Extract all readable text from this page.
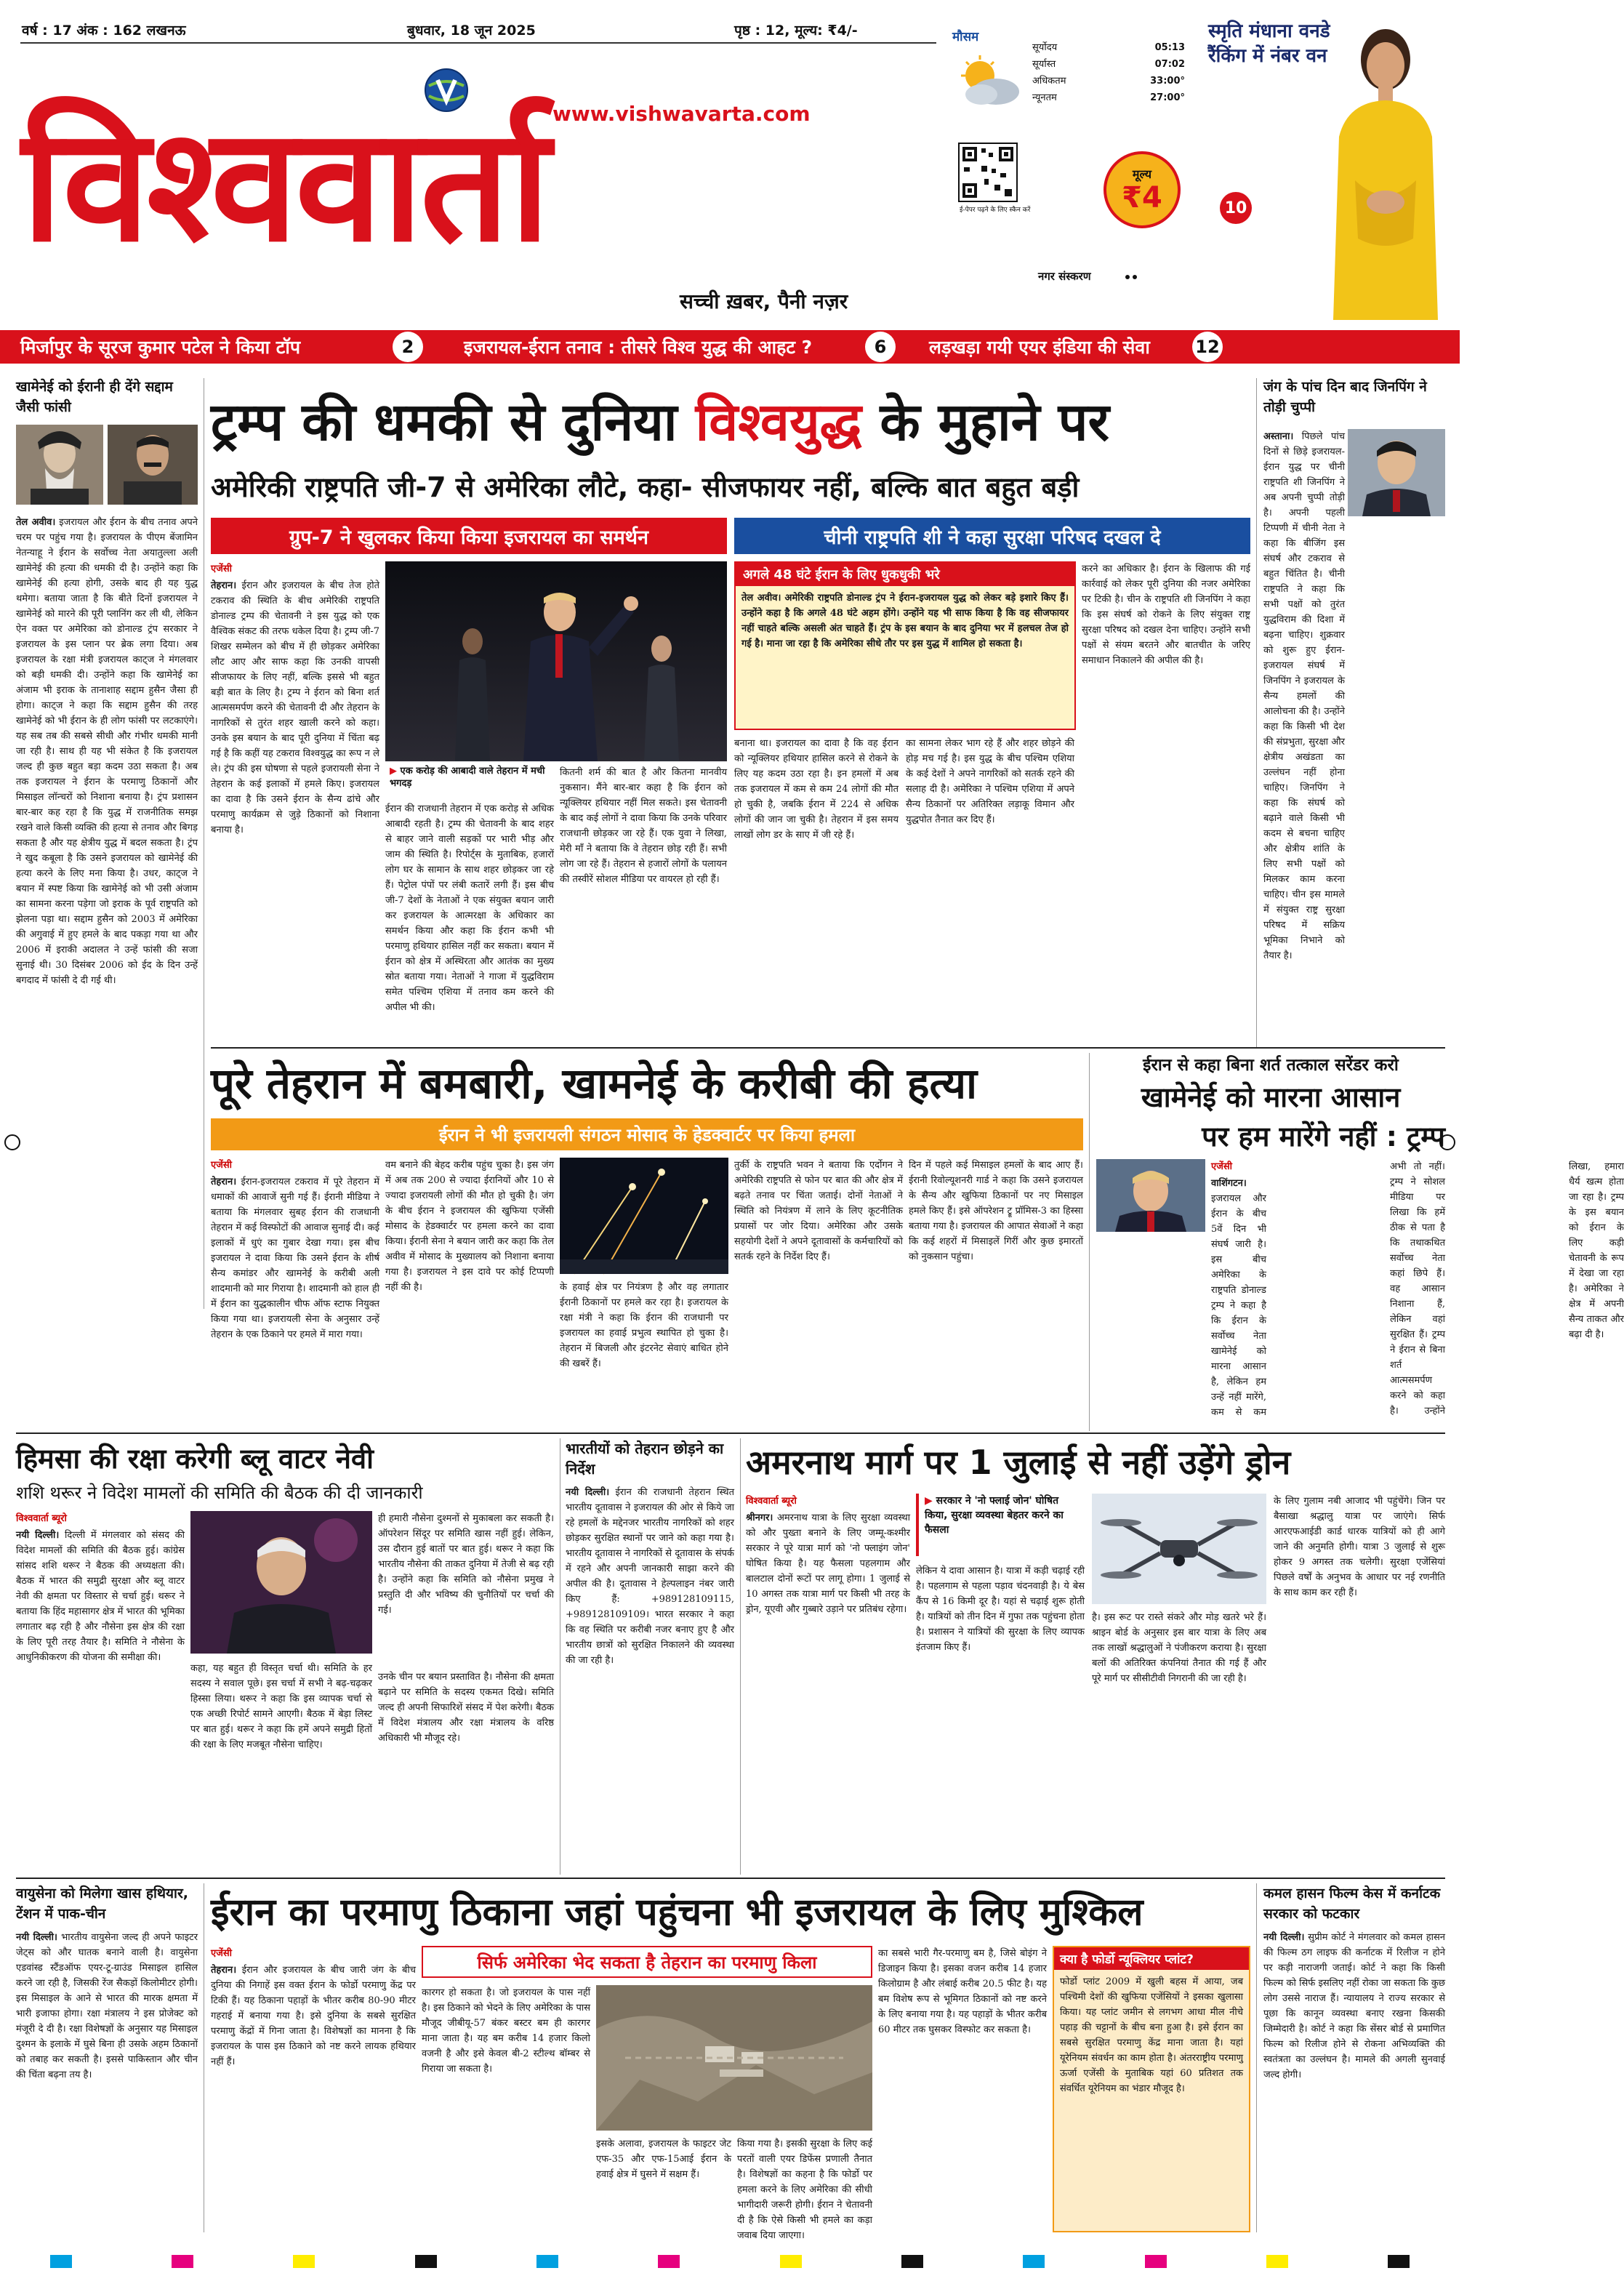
वर्ष : 17 अंक : 162 लखनऊ	बुधवार, 18 जून 2025	पृष्ठ : 12, मूल्य: ₹4/-
www.vishwavarta.com
विश्ववार्ता
सच्ची ख़बर, पैनी नज़र
ई-पेपर पढ़ने के लिए स्कैन करें
मौसम
सूर्योदय	05:13
सूर्यास्त	07:02
अधिकतम	33:00°
न्यूनतम	27:00°
मूल्य
₹4
नगर संस्करण
स्मृति मंधाना वनडे रैंकिंग में नंबर वन
10
मिर्जापुर के सूरज कुमार पटेल ने किया टॉप	2	इजरायल-ईरान तनाव : तीसरे विश्व युद्ध की आहट ?	6	लड़खड़ा गयी एयर इंडिया की सेवा	12
खामेनेई को ईरानी ही देंगे सद्दाम जैसी फांसी

तेल अवीव। इजरायल और ईरान के बीच तनाव अपने चरम पर पहुंच गया है। इजरायल के पीएम बेंजामिन नेतन्याहू ने ईरान के सर्वोच्च नेता अयातुल्ला अली खामेनेई की हत्या की धमकी दी है। उन्होंने कहा कि खामेनेई की हत्या होगी, उसके बाद ही यह युद्ध थमेगा। बताया जाता है कि बीते दिनों इजरायल ने खामेनेई को मारने की पूरी प्लानिंग कर ली थी, लेकिन ऐन वक्त पर अमेरिका को डोनाल्ड ट्रंप सरकार ने इजरायल के इस प्लान पर ब्रेक लगा दिया। अब इजरायल के रक्षा मंत्री इजरायल काट्ज ने मंगलवार को बड़ी धमकी दी। उन्होंने कहा कि खामेनेई का अंजाम भी इराक के तानाशाह सद्दाम हुसैन जैसा ही होगा। काट्ज ने कहा कि सद्दाम हुसैन की तरह खामेनेई को भी ईरान के ही लोग फांसी पर लटकाएंगे। यह सब तब की सबसे सीधी और गंभीर धमकी मानी जा रही है। साथ ही यह भी संकेत है कि इजरायल जल्द ही कुछ बहुत बड़ा कदम उठा सकता है। अब तक इजरायल ने ईरान के परमाणु ठिकानों और मिसाइल लॉन्चरों को निशाना बनाया है। ट्रंप प्रशासन बार-बार कह रहा है कि युद्ध में राजनीतिक समझ रखने वाले किसी व्यक्ति की हत्या से तनाव और बिगड़ सकता है और यह क्षेत्रीय युद्ध में बदल सकता है। ट्रंप ने खुद कबूला है कि उसने इजरायल को खामेनेई की हत्या करने के लिए मना किया है। उधर, काट्ज ने बयान में स्पष्ट किया कि खामेनेई को भी उसी अंजाम का सामना करना पड़ेगा जो इराक के पूर्व राष्ट्रपति को झेलना पड़ा था। सद्दाम हुसैन को 2003 में अमेरिका की अगुवाई में हुए हमले के बाद पकड़ा गया था और 2006 में इराकी अदालत ने उन्हें फांसी की सजा सुनाई थी। 30 दिसंबर 2006 को ईद के दिन उन्हें बगदाद में फांसी दे दी गई थी।

ट्रम्प की धमकी से दुनिया विश्वयुद्ध के मुहाने पर
अमेरिकी राष्ट्रपति जी-7 से अमेरिका लौटे, कहा- सीजफायर नहीं, बल्कि बात बहुत बड़ी
ग्रुप-7 ने खुलकर किया किया इजरायल का समर्थन	चीनी राष्ट्रपति शी ने कहा सुरक्षा परिषद दखल दे
एजेंसी

तेहरान। ईरान और इजरायल के बीच तेज होते टकराव की स्थिति के बीच अमेरिकी राष्ट्रपति डोनाल्ड ट्रम्प की चेतावनी ने इस युद्ध को एक वैश्विक संकट की तरफ धकेल दिया है। ट्रम्प जी-7 शिखर सम्मेलन को बीच में ही छोड़कर अमेरिका लौट आए और साफ कहा कि उनकी वापसी सीजफायर के लिए नहीं, बल्कि इससे भी बहुत बड़ी बात के लिए है। ट्रम्प ने ईरान को बिना शर्त आत्मसमर्पण करने की चेतावनी दी और तेहरान के नागरिकों से तुरंत शहर खाली करने को कहा। उनके इस बयान के बाद पूरी दुनिया में चिंता बढ़ गई है कि कहीं यह टकराव विश्वयुद्ध का रूप न ले ले। ट्रंप की इस घोषणा से पहले इजरायली सेना ने तेहरान के कई इलाकों में हमले किए। इजरायल का दावा है कि उसने ईरान के सैन्य ढांचे और परमाणु कार्यक्रम से जुड़े ठिकानों को निशाना बनाया है।

▶ एक करोड़ की आबादी वाले तेहरान में मची भगदड़

ईरान की राजधानी तेहरान में एक करोड़ से अधिक आबादी रहती है। ट्रम्प की चेतावनी के बाद शहर से बाहर जाने वाली सड़कों पर भारी भीड़ और जाम की स्थिति है। रिपोर्ट्स के मुताबिक, हजारों लोग घर के सामान के साथ शहर छोड़कर जा रहे हैं। पेट्रोल पंपों पर लंबी कतारें लगी हैं। इस बीच जी-7 देशों के नेताओं ने एक संयुक्त बयान जारी कर इजरायल के आत्मरक्षा के अधिकार का समर्थन किया और कहा कि ईरान कभी भी परमाणु हथियार हासिल नहीं कर सकता। बयान में ईरान को क्षेत्र में अस्थिरता और आतंक का मुख्य स्रोत बताया गया। नेताओं ने गाजा में युद्धविराम समेत पश्चिम एशिया में तनाव कम करने की अपील भी की।

कितनी शर्म की बात है और कितना मानवीय नुकसान। मैंने बार-बार कहा है कि ईरान को न्यूक्लियर हथियार नहीं मिल सकते। इस चेतावनी के बाद कई लोगों ने दावा किया कि उनके परिवार राजधानी छोड़कर जा रहे हैं। एक युवा ने लिखा, मेरी माँ ने बताया कि वे तेहरान छोड़ रही हैं। सभी लोग जा रहे हैं। तेहरान से हजारों लोगों के पलायन की तस्वीरें सोशल मीडिया पर वायरल हो रही हैं।

अगले 48 घंटे ईरान के लिए धुकधुकी भरे

तेल अवीव। अमेरिकी राष्ट्रपति डोनाल्ड ट्रंप ने ईरान-इजरायल युद्ध को लेकर बड़े इशारे किए हैं। उन्होंने कहा है कि अगले 48 घंटे अहम होंगे। उन्होंने यह भी साफ किया है कि वह सीजफायर नहीं चाहते बल्कि असली अंत चाहते हैं। ट्रंप के इस बयान के बाद दुनिया भर में हलचल तेज हो गई है। माना जा रहा है कि अमेरिका सीधे तौर पर इस युद्ध में शामिल हो सकता है।

बनाना था। इजरायल का दावा है कि वह ईरान को न्यूक्लियर हथियार हासिल करने से रोकने के लिए यह कदम उठा रहा है। इन हमलों में अब तक इजरायल में कम से कम 24 लोगों की मौत हो चुकी है, जबकि ईरान में 224 से अधिक लोगों की जान जा चुकी है। तेहरान में इस समय लाखों लोग डर के साए में जी रहे हैं।

का सामना लेकर भाग रहे हैं और शहर छोड़ने की होड़ मच गई है। इस युद्ध के बीच पश्चिम एशिया के कई देशों ने अपने नागरिकों को सतर्क रहने की सलाह दी है। अमेरिका ने पश्चिम एशिया में अपने सैन्य ठिकानों पर अतिरिक्त लड़ाकू विमान और युद्धपोत तैनात कर दिए हैं।

करने का अधिकार है। ईरान के खिलाफ की गई कार्रवाई को लेकर पूरी दुनिया की नजर अमेरिका पर टिकी है। चीन के राष्ट्रपति शी जिनपिंग ने कहा कि इस संघर्ष को रोकने के लिए संयुक्त राष्ट्र सुरक्षा परिषद को दखल देना चाहिए। उन्होंने सभी पक्षों से संयम बरतने और बातचीत के जरिए समाधान निकालने की अपील की है।

जंग के पांच दिन बाद जिनपिंग ने तोड़ी चुप्पी

अस्ताना। पिछले पांच दिनों से छिड़े इजरायल-ईरान युद्ध पर चीनी राष्ट्रपति शी जिनपिंग ने अब अपनी चुप्पी तोड़ी है। अपनी पहली टिप्पणी में चीनी नेता ने कहा कि बीजिंग इस संघर्ष और टकराव से बहुत चिंतित है। चीनी राष्ट्रपति ने कहा कि सभी पक्षों को तुरंत युद्धविराम की दिशा में बढ़ना चाहिए। शुक्रवार को शुरू हुए ईरान-इजरायल संघर्ष में जिनपिंग ने इजरायल के सैन्य हमलों की आलोचना की है। उन्होंने कहा कि किसी भी देश की संप्रभुता, सुरक्षा और क्षेत्रीय अखंडता का उल्लंघन नहीं होना चाहिए। जिनपिंग ने कहा कि संघर्ष को बढ़ाने वाले किसी भी कदम से बचना चाहिए और क्षेत्रीय शांति के लिए सभी पक्षों को मिलकर काम करना चाहिए। चीन इस मामले में संयुक्त राष्ट्र सुरक्षा परिषद में सक्रिय भूमिका निभाने को तैयार है।

पूरे तेहरान में बमबारी, खामनेई के करीबी की हत्या
ईरान ने भी इजरायली संगठन मोसाद के हेडक्वार्टर पर किया हमला
एजेंसी

तेहरान। ईरान-इजरायल टकराव में पूरे तेहरान में धमाकों की आवाजें सुनी गई हैं। ईरानी मीडिया ने बताया कि मंगलवार सुबह ईरान की राजधानी तेहरान में कई विस्फोटों की आवाज सुनाई दी। कई इलाकों में धुएं का गुबार देखा गया। इस बीच इजरायल ने दावा किया कि उसने ईरान के शीर्ष सैन्य कमांडर और खामनेई के करीबी अली शादमानी को मार गिराया है। शादमानी को हाल ही में ईरान का युद्धकालीन चीफ ऑफ स्टाफ नियुक्त किया गया था। इजरायली सेना के अनुसार उन्हें तेहरान के एक ठिकाने पर हमले में मारा गया।

वम बनाने की बेहद करीब पहुंच चुका है। इस जंग में अब तक 200 से ज्यादा ईरानियों और 10 से ज्यादा इजरायली लोगों की मौत हो चुकी है। जंग के बीच ईरान ने इजरायल की खुफिया एजेंसी मोसाद के हेडक्वार्टर पर हमला करने का दावा किया। ईरानी सेना ने बयान जारी कर कहा कि तेल अवीव में मोसाद के मुख्यालय को निशाना बनाया गया है। इजरायल ने इस दावे पर कोई टिप्पणी नहीं की है।	के हवाई क्षेत्र पर नियंत्रण है और वह लगातार ईरानी ठिकानों पर हमले कर रहा है। इजरायल के रक्षा मंत्री ने कहा कि ईरान की राजधानी पर इजरायल का हवाई प्रभुत्व स्थापित हो चुका है। तेहरान में बिजली और इंटरनेट सेवाएं बाधित होने की खबरें हैं।

तुर्की के राष्ट्रपति भवन ने बताया कि एर्दोगन ने अमेरिकी राष्ट्रपति से फोन पर बात की और क्षेत्र में बढ़ते तनाव पर चिंता जताई। दोनों नेताओं ने स्थिति को नियंत्रण में लाने के लिए कूटनीतिक प्रयासों पर जोर दिया। अमेरिका और उसके सहयोगी देशों ने अपने दूतावासों के कर्मचारियों को सतर्क रहने के निर्देश दिए हैं।

दिन में पहले कई मिसाइल हमलों के बाद आए हैं। ईरानी रिवोल्यूशनरी गार्ड ने कहा कि उसने इजरायल के सैन्य और खुफिया ठिकानों पर नए मिसाइल हमले किए हैं। इसे ऑपरेशन ट्रू प्रॉमिस-3 का हिस्सा बताया गया है। इजरायल की आपात सेवाओं ने कहा कि कई शहरों में मिसाइलें गिरीं और कुछ इमारतों को नुकसान पहुंचा।

ईरान से कहा बिना शर्त तत्काल सरेंडर करो
खामेनेई को मारना आसान
पर हम मारेंगे नहीं : ट्रम्प

एजेंसी
वाशिंगटन। इजरायल और ईरान के बीच 5वें दिन भी संघर्ष जारी है। इस बीच अमेरिका के राष्ट्रपति डोनाल्ड ट्रम्प ने कहा है कि ईरान के सर्वोच्च नेता खामेनेई को मारना आसान है, लेकिन हम उन्हें नहीं मारेंगे, कम से कम अभी तो नहीं। ट्रम्प ने सोशल मीडिया पर लिखा कि हमें ठीक से पता है कि तथाकथित सर्वोच्च नेता कहां छिपे हैं। वह आसान निशाना हैं, लेकिन वहां सुरक्षित हैं। ट्रम्प ने ईरान से बिना शर्त आत्मसमर्पण करने को कहा है। उन्होंने लिखा, हमारा धैर्य खत्म होता जा रहा है। ट्रम्प के इस बयान को ईरान के लिए कड़ी चेतावनी के रूप में देखा जा रहा है। अमेरिका ने क्षेत्र में अपनी सैन्य ताकत और बढ़ा दी है।

हिमसा की रक्षा करेगी ब्लू वाटर नेवी
शशि थरूर ने विदेश मामलों की समिति की बैठक की दी जानकारी
विश्ववार्ता ब्यूरो

नयी दिल्ली। दिल्ली में मंगलवार को संसद की विदेश मामलों की समिति की बैठक हुई। कांग्रेस सांसद शशि थरूर ने बैठक की अध्यक्षता की। बैठक में भारत की समुद्री सुरक्षा और ब्लू वाटर नेवी की क्षमता पर विस्तार से चर्चा हुई। थरूर ने बताया कि हिंद महासागर क्षेत्र में भारत की भूमिका लगातार बढ़ रही है और नौसेना इस क्षेत्र की रक्षा के लिए पूरी तरह तैयार है। समिति ने नौसेना के आधुनिकीकरण की योजना की समीक्षा की।

ही हमारी नौसेना दुश्मनों से मुकाबला कर सकती है। ऑपरेशन सिंदूर पर समिति खास नहीं हुई। लेकिन, उस दौरान हुई बातों पर बात हुई। थरूर ने कहा कि भारतीय नौसेना की ताकत दुनिया में तेजी से बढ़ रही है। उन्होंने कहा कि समिति को नौसेना प्रमुख ने प्रस्तुति दी और भविष्य की चुनौतियों पर चर्चा की गई।

कहा, यह बहुत ही विस्तृत चर्चा थी। समिति के हर सदस्य ने सवाल पूछे। इस चर्चा में सभी ने बढ़-चढ़कर हिस्सा लिया। थरूर ने कहा कि इस व्यापक चर्चा से एक अच्छी रिपोर्ट सामने आएगी। बैठक में बेड़ा लिस्ट पर बात हुई। थरूर ने कहा कि हमें अपने समुद्री हितों की रक्षा के लिए मजबूत नौसेना चाहिए।

उनके चीन पर बयान प्रस्तावित है। नौसेना की क्षमता बढ़ाने पर समिति के सदस्य एकमत दिखे। समिति जल्द ही अपनी सिफारिशें संसद में पेश करेगी। बैठक में विदेश मंत्रालय और रक्षा मंत्रालय के वरिष्ठ अधिकारी भी मौजूद रहे।

भारतीयों को तेहरान छोड़ने का निर्देश

नयी दिल्ली। ईरान की राजधानी तेहरान स्थित भारतीय दूतावास ने इजरायल की ओर से किये जा रहे हमलों के मद्देनजर भारतीय नागरिकों को शहर छोड़कर सुरक्षित स्थानों पर जाने को कहा गया है। भारतीय दूतावास ने नागरिकों से दूतावास के संपर्क में रहने और अपनी जानकारी साझा करने की अपील की है। दूतावास ने हेल्पलाइन नंबर जारी किए हैं: +989128109115, +989128109109। भारत सरकार ने कहा कि वह स्थिति पर करीबी नजर बनाए हुए है और भारतीय छात्रों को सुरक्षित निकालने की व्यवस्था की जा रही है।

अमरनाथ मार्ग पर 1 जुलाई से नहीं उड़ेंगे ड्रोन
विश्ववार्ता ब्यूरो

श्रीनगर। अमरनाथ यात्रा के लिए सुरक्षा व्यवस्था को और पुख्ता बनाने के लिए जम्मू-कश्मीर सरकार ने पूरे यात्रा मार्ग को 'नो फ्लाइंग जोन' घोषित किया है। यह फैसला पहलगाम और बालटाल दोनों रूटों पर लागू होगा। 1 जुलाई से 10 अगस्त तक यात्रा मार्ग पर किसी भी तरह के ड्रोन, यूएवी और गुब्बारे उड़ाने पर प्रतिबंध रहेगा।

▶ सरकार ने 'नो फ्लाई जोन' घोषित किया, सुरक्षा व्यवस्था बेहतर करने का फैसला

लेकिन ये दावा आसान है। यात्रा में कड़ी चढ़ाई रही है। पहलगाम से पहला पड़ाव चंदनवाड़ी है। ये बेस कैंप से 16 किमी दूर है। यहां से चढ़ाई शुरू होती है। यात्रियों को तीन दिन में गुफा तक पहुंचना होता है। प्रशासन ने यात्रियों की सुरक्षा के लिए व्यापक इंतजाम किए हैं।

है। इस रूट पर रास्ते संकरे और मोड़ खतरे भरे हैं। श्राइन बोर्ड के अनुसार इस बार यात्रा के लिए अब तक लाखों श्रद्धालुओं ने पंजीकरण कराया है। सुरक्षा बलों की अतिरिक्त कंपनियां तैनात की गई हैं और पूरे मार्ग पर सीसीटीवी निगरानी की जा रही है।

के लिए गुलाम नबी आजाद भी पहुंचेंगे। जिन पर बैसाखा श्रद्धालु यात्रा पर जाएंगे। सिर्फ आरएफआईडी कार्ड धारक यात्रियों को ही आगे जाने की अनुमति होगी। यात्रा 3 जुलाई से शुरू होकर 9 अगस्त तक चलेगी। सुरक्षा एजेंसियां पिछले वर्षों के अनुभव के आधार पर नई रणनीति के साथ काम कर रही हैं।

वायुसेना को मिलेगा खास हथियार, टेंशन में पाक-चीन

नयी दिल्ली। भारतीय वायुसेना जल्द ही अपने फाइटर जेट्स को और घातक बनाने वाली है। वायुसेना एडवांस्ड स्टैंडऑफ एयर-टू-ग्राउंड मिसाइल हासिल करने जा रही है, जिसकी रेंज सैकड़ों किलोमीटर होगी। इस मिसाइल के आने से भारत की मारक क्षमता में भारी इजाफा होगा। रक्षा मंत्रालय ने इस प्रोजेक्ट को मंजूरी दे दी है। रक्षा विशेषज्ञों के अनुसार यह मिसाइल दुश्मन के इलाके में घुसे बिना ही उसके अहम ठिकानों को तबाह कर सकती है। इससे पाकिस्तान और चीन की चिंता बढ़ना तय है।

ईरान का परमाणु ठिकाना जहां पहुंचना भी इजरायल के लिए मुश्किल
सिर्फ अमेरिका भेद सकता है तेहरान का परमाणु किला
एजेंसी

तेहरान। ईरान और इजरायल के बीच जारी जंग के बीच दुनिया की निगाहें इस वक्त ईरान के फोर्डो परमाणु केंद्र पर टिकी हैं। यह ठिकाना पहाड़ों के भीतर करीब 80-90 मीटर गहराई में बनाया गया है। इसे दुनिया के सबसे सुरक्षित परमाणु केंद्रों में गिना जाता है। विशेषज्ञों का मानना है कि इजरायल के पास इस ठिकाने को नष्ट करने लायक हथियार नहीं हैं।

कारगर हो सकता है। जो इजरायल के पास नहीं है। इस ठिकाने को भेदने के लिए अमेरिका के पास मौजूद जीबीयू-57 बंकर बस्टर बम ही कारगर माना जाता है। यह बम करीब 14 हजार किलो वजनी है और इसे केवल बी-2 स्टील्थ बॉम्बर से गिराया जा सकता है।

इसके अलावा, इजरायल के फाइटर जेट एफ-35 और एफ-15आई ईरान के हवाई क्षेत्र में घुसने में सक्षम हैं।

किया गया है। इसकी सुरक्षा के लिए कई परतों वाली एयर डिफेंस प्रणाली तैनात है। विशेषज्ञों का कहना है कि फोर्डो पर हमला करने के लिए अमेरिका की सीधी भागीदारी जरूरी होगी। ईरान ने चेतावनी दी है कि ऐसे किसी भी हमले का कड़ा जवाब दिया जाएगा।

का सबसे भारी गैर-परमाणु बम है, जिसे बोइंग ने डिजाइन किया है। इसका वजन करीब 14 हजार किलोग्राम है और लंबाई करीब 20.5 फीट है। यह बम विशेष रूप से भूमिगत ठिकानों को नष्ट करने के लिए बनाया गया है। यह पहाड़ों के भीतर करीब 60 मीटर तक घुसकर विस्फोट कर सकता है।

क्या है फोर्डो न्यूक्लियर प्लांट?

फोर्डो प्लांट 2009 में खुली बहस में आया, जब पश्चिमी देशों की खुफिया एजेंसियों ने इसका खुलासा किया। यह प्लांट जमीन से लगभग आधा मील नीचे पहाड़ की चट्टानों के बीच बना हुआ है। इसे ईरान का सबसे सुरक्षित परमाणु केंद्र माना जाता है। यहां यूरेनियम संवर्धन का काम होता है। अंतरराष्ट्रीय परमाणु ऊर्जा एजेंसी के मुताबिक यहां 60 प्रतिशत तक संवर्धित यूरेनियम का भंडार मौजूद है।

कमल हासन फिल्म केस में कर्नाटक सरकार को फटकार

नयी दिल्ली। सुप्रीम कोर्ट ने मंगलवार को कमल हासन की फिल्म ठग लाइफ की कर्नाटक में रिलीज न होने पर कड़ी नाराजगी जताई। कोर्ट ने कहा कि किसी फिल्म को सिर्फ इसलिए नहीं रोका जा सकता कि कुछ लोग उससे नाराज हैं। न्यायालय ने राज्य सरकार से पूछा कि कानून व्यवस्था बनाए रखना किसकी जिम्मेदारी है। कोर्ट ने कहा कि सेंसर बोर्ड से प्रमाणित फिल्म को रिलीज होने से रोकना अभिव्यक्ति की स्वतंत्रता का उल्लंघन है। मामले की अगली सुनवाई जल्द होगी।
